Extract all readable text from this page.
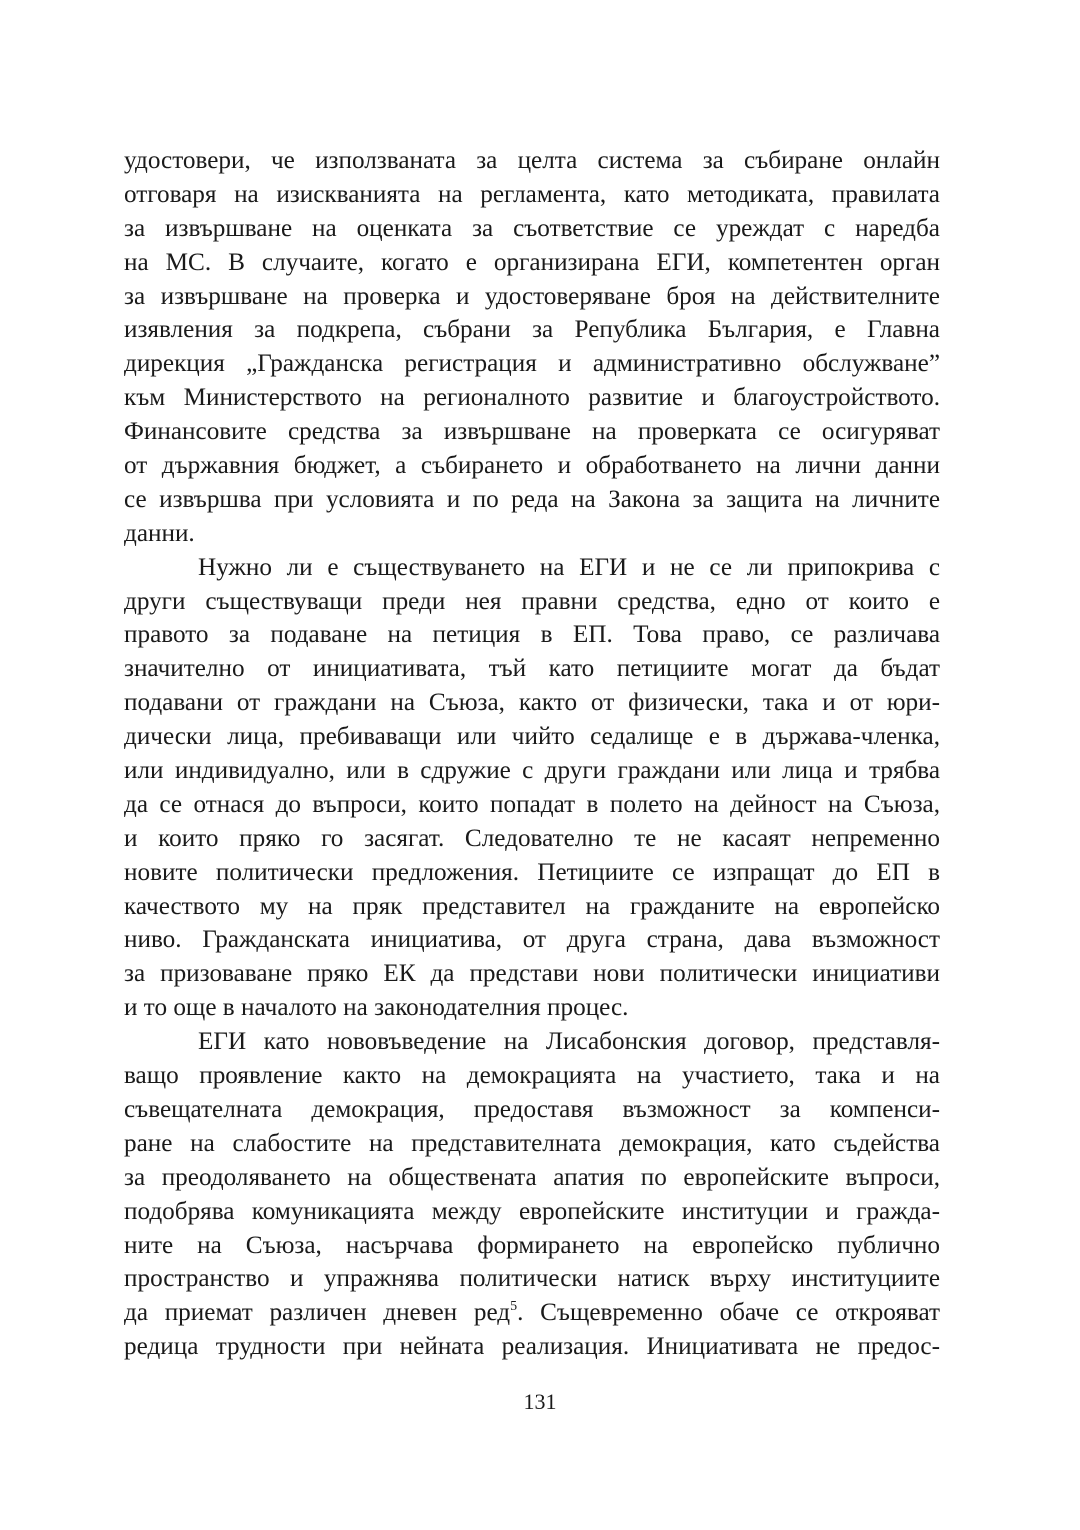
удостовери, че използваната за целта система за събиране онлайн
отговаря на изискванията на регламента, като методиката, правилата
за извършване на оценката за съответствие се уреждат с наредба
на МС. В случаите, когато е организирана ЕГИ, компетентен орган
за извършване на проверка и удостоверяване броя на действителните
изявления за подкрепа, събрани за Република България, е Главна
дирекция „Гражданска регистрация и административно обслужване”
към Министерството на регионалното развитие и благоустройството.
Финансовите средства за извършване на проверката се осигуряват
от държавния бюджет, а събирането и обработването на лични данни
се извършва при условията и по реда на Закона за защита на личните
данни.
Нужно ли е съществуването на ЕГИ и не се ли припокрива с
други съществуващи преди нея правни средства, едно от които е
правото за подаване на петиция в ЕП. Това право, се различава
значително от инициативата, тъй като петициите могат да бъдат
подавани от граждани на Съюза, както от физически, така и от юри-
дически лица, пребиваващи или чийто седалище е в държава-членка,
или индивидуално, или в сдружие с други граждани или лица и трябва
да се отнася до въпроси, които попадат в полето на дейност на Съюза,
и които пряко го засягат. Следователно те не касаят непременно
новите политически предложения. Петициите се изпращат до ЕП в
качеството му на пряк представител на гражданите на европейско
ниво. Гражданската инициатива, от друга страна, дава възможност
за призоваване пряко ЕК да представи нови политически инициативи
и то още в началото на законодателния процес.
ЕГИ като нововъведение на Лисабонския договор, представля-
ващо проявление както на демокрацията на участието, така и на
съвещателната демокрация, предоставя възможност за компенси-
ране на слабостите на представителната демокрация, като съдейства
за преодоляването на обществената апатия по европейските въпроси,
подобрява комуникацията между европейските институции и гражда-
ните на Съюза, насърчава формирането на европейско публично
пространство и упражнява политически натиск върху институциите
да приемат различен дневен ред$^5$. Същевременно обаче се открояват
редица трудности при нейната реализация. Инициативата не предос-
131
